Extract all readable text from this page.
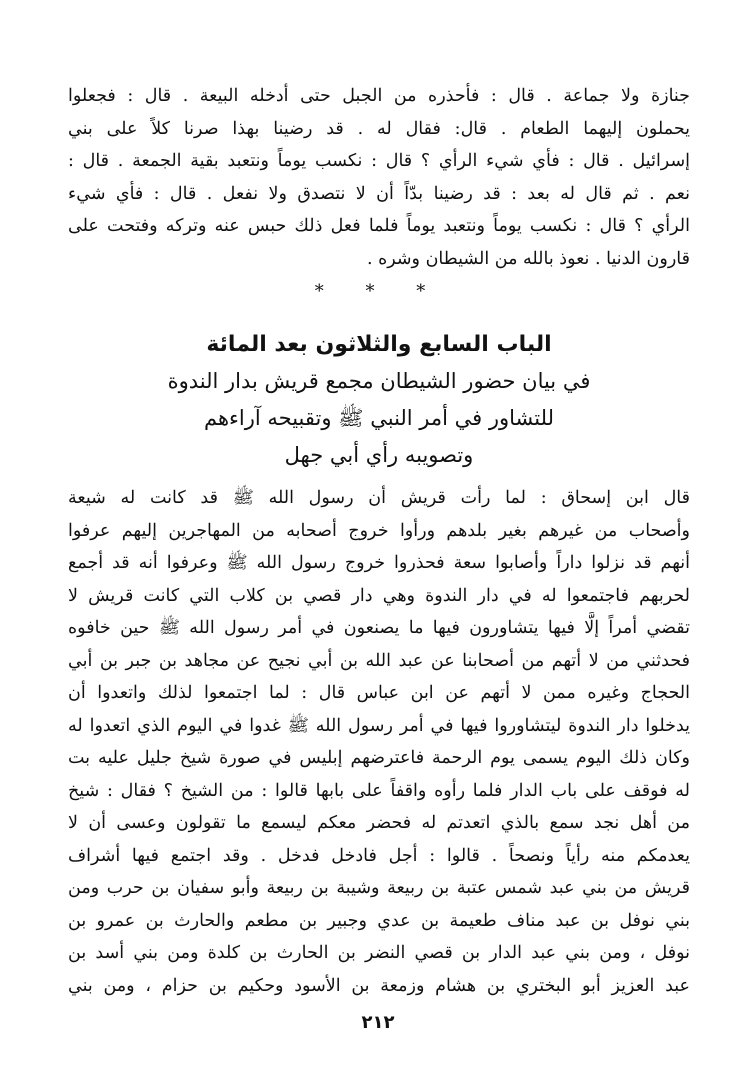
جنازة ولا جماعة . قال : فأحذره من الجبل حتى أدخله البيعة . قال : فجعلوا
يحملون إليهما الطعام . قال: فقال له . قد رضينا بهذا صرنا كلاً على بني
إسرائيل . قال : فأي شيء الرأي ؟ قال : نكسب يوماً ونتعبد بقية الجمعة . قال :
نعم . ثم قال له بعد : قد رضينا بدّاً أن لا نتصدق ولا نفعل . قال : فأي شيء
الرأي ؟ قال : نكسب يوماً ونتعبد يوماً فلما فعل ذلك حبس عنه وتركه وفتحت على
قارون الدنيا . نعوذ بالله من الشيطان وشره .
* * *
الباب السابع والثلاثون بعد المائة
في بيان حضور الشيطان مجمع قريش بدار الندوة
للتشاور في أمر النبي ﷺ وتقبيحه آراءهم
وتصويبه رأي أبي جهل
قال ابن إسحاق : لما رأت قريش أن رسول الله ﷺ قد كانت له شيعة
وأصحاب من غيرهم بغير بلدهم ورأوا خروج أصحابه من المهاجرين إليهم عرفوا
أنهم قد نزلوا داراً وأصابوا سعة فحذروا خروج رسول الله ﷺ وعرفوا أنه قد أجمع
لحربهم فاجتمعوا له في دار الندوة وهي دار قصي بن كلاب التي كانت قريش لا
تقضي أمراً إلَّا فيها يتشاورون فيها ما يصنعون في أمر رسول الله ﷺ حين خافوه
فحدثني من لا أتهم من أصحابنا عن عبد الله بن أبي نجيح عن مجاهد بن جبر بن أبي
الحجاج وغيره ممن لا أتهم عن ابن عباس قال : لما اجتمعوا لذلك واتعدوا أن
يدخلوا دار الندوة ليتشاوروا فيها في أمر رسول الله ﷺ غدوا في اليوم الذي اتعدوا له
وكان ذلك اليوم يسمى يوم الرحمة فاعترضهم إبليس في صورة شيخ جليل عليه بت
له فوقف على باب الدار فلما رأوه واقفاً على بابها قالوا : من الشيخ ؟ فقال : شيخ
من أهل نجد سمع بالذي اتعدتم له فحضر معكم ليسمع ما تقولون وعسى أن لا
يعدمكم منه رأياً ونصحاً . قالوا : أجل فادخل فدخل . وقد اجتمع فيها أشراف
قريش من بني عبد شمس عتبة بن ربيعة وشيبة بن ربيعة وأبو سفيان بن حرب ومن
بني نوفل بن عبد مناف طعيمة بن عدي وجبير بن مطعم والحارث بن عمرو بن
نوفل ، ومن بني عبد الدار بن قصي النضر بن الحارث بن كلدة ومن بني أسد بن
عبد العزيز أبو البختري بن هشام وزمعة بن الأسود وحكيم بن حزام ، ومن بني
٢١٢
